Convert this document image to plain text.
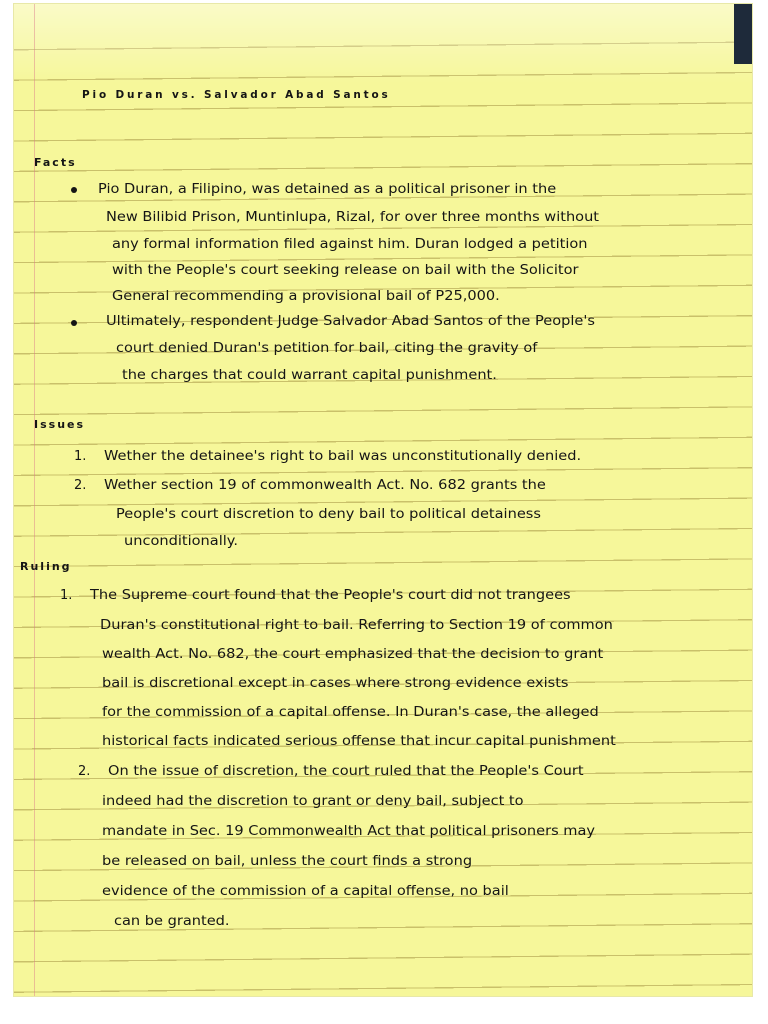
Pio Duran vs. Salvador Abad Santos
Facts
Pio Duran, a Filipino, was detained as a political prisoner in the
New Bilibid Prison, Muntinlupa, Rizal, for over three months without
any formal information filed against him. Duran lodged a petition
with the People's court seeking release on bail with the Solicitor
General recommending a provisional bail of P25,000.
Ultimately, respondent Judge Salvador Abad Santos of the People's
court denied Duran's petition for bail, citing the gravity of
the charges that could warrant capital punishment.
Issues
1. Wether the detainee's right to bail was unconstitutionally denied.
2. Wether section 19 of commonwealth Act. No. 682 grants the
People's court discretion to deny bail to political detainess
unconditionally.
Ruling
1. The Supreme court found that the People's court did not trangees
Duran's constitutional right to bail. Referring to Section 19 of common
wealth Act. No. 682, the court emphasized that the decision to grant
bail is discretional except in cases where strong evidence exists
for the commission of a capital offense. In Duran's case, the alleged
historical facts indicated serious offense that incur capital punishment
2. On the issue of discretion, the court ruled that the People's Court
indeed had the discretion to grant or deny bail, subject to
mandate in Sec. 19 Commonwealth Act that political prisoners may
be released on bail, unless the court finds a strong
evidence of the commission of a capital offense, no bail
can be granted.
